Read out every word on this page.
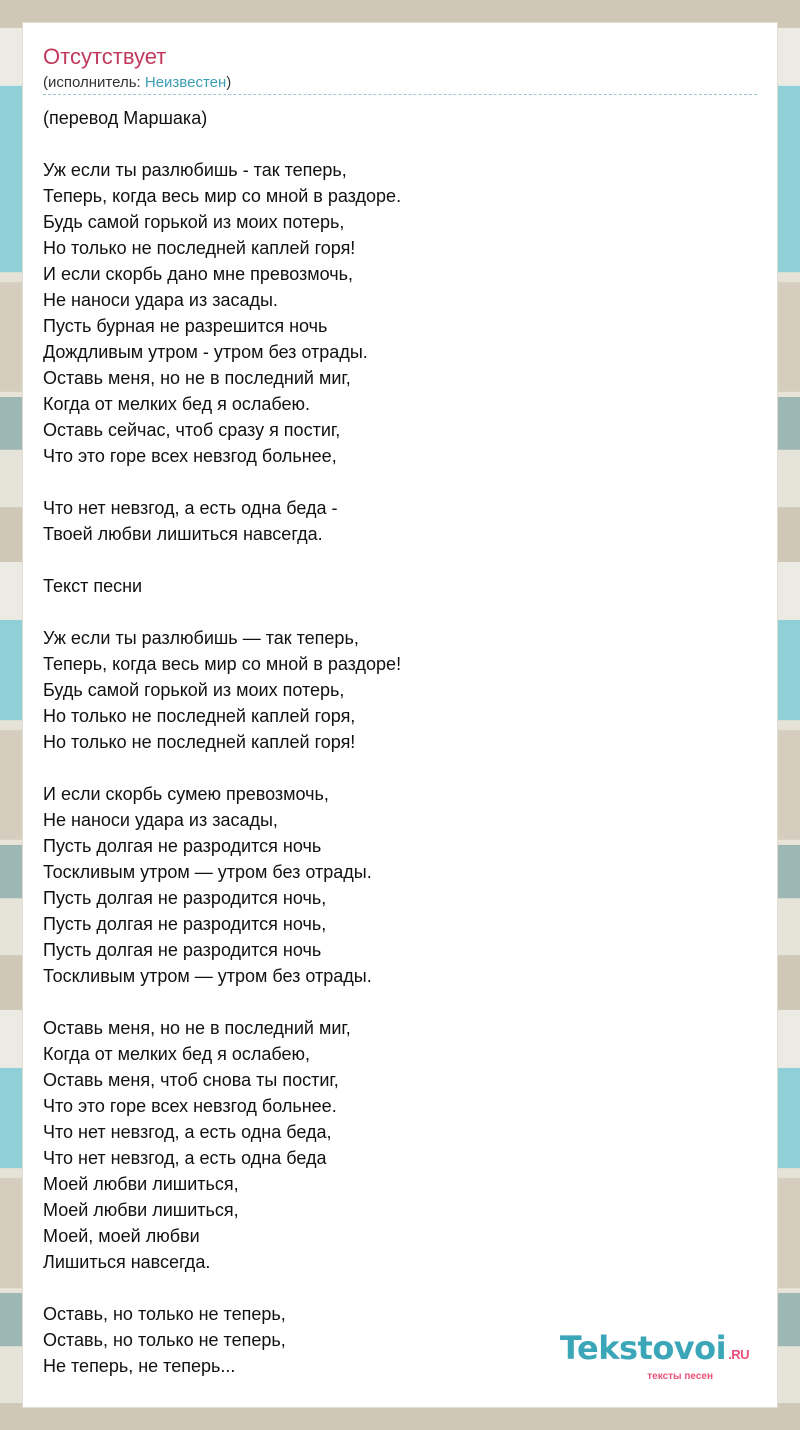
Отсутствует
(исполнитель: Неизвестен)
(перевод Маршака)
Уж если ты разлюбишь - так теперь,
Теперь, когда весь мир со мной в раздоре.
Будь самой горькой из моих потерь,
Но только не последней каплей горя!
И если скорбь дано мне превозмочь,
Не наноси удара из засады.
Пусть бурная не разрешится ночь
Дождливым утром - утром без отрады.
Оставь меня, но не в последний миг,
Когда от мелких бед я ослабею.
Оставь сейчас, чтоб сразу я постиг,
Что это горе всех невзгод больнее,
Что нет невзгод, а есть одна беда -
Твоей любви лишиться навсегда.
Текст песни
Уж если ты разлюбишь — так теперь,
Теперь, когда весь мир со мной в раздоре!
Будь самой горькой из моих потерь,
Но только не последней каплей горя,
Но только не последней каплей горя!
И если скорбь сумею превозмочь,
Не наноси удара из засады,
Пусть долгая не разродится ночь
Тоскливым утром — утром без отрады.
Пусть долгая не разродится ночь,
Пусть долгая не разродится ночь,
Пусть долгая не разродится ночь
Тоскливым утром — утром без отрады.
Оставь меня, но не в последний миг,
Когда от мелких бед я ослабею,
Оставь меня, чтоб снова ты постиг,
Что это горе всех невзгод больнее.
Что нет невзгод, а есть одна беда,
Что нет невзгод, а есть одна беда
Моей любви лишиться,
Моей любви лишиться,
Моей, моей любви
Лишиться навсегда.
Оставь, но только не теперь,
Оставь, но только не теперь,
Не теперь, не теперь...	Tekstovoi .RU
тексты песен
